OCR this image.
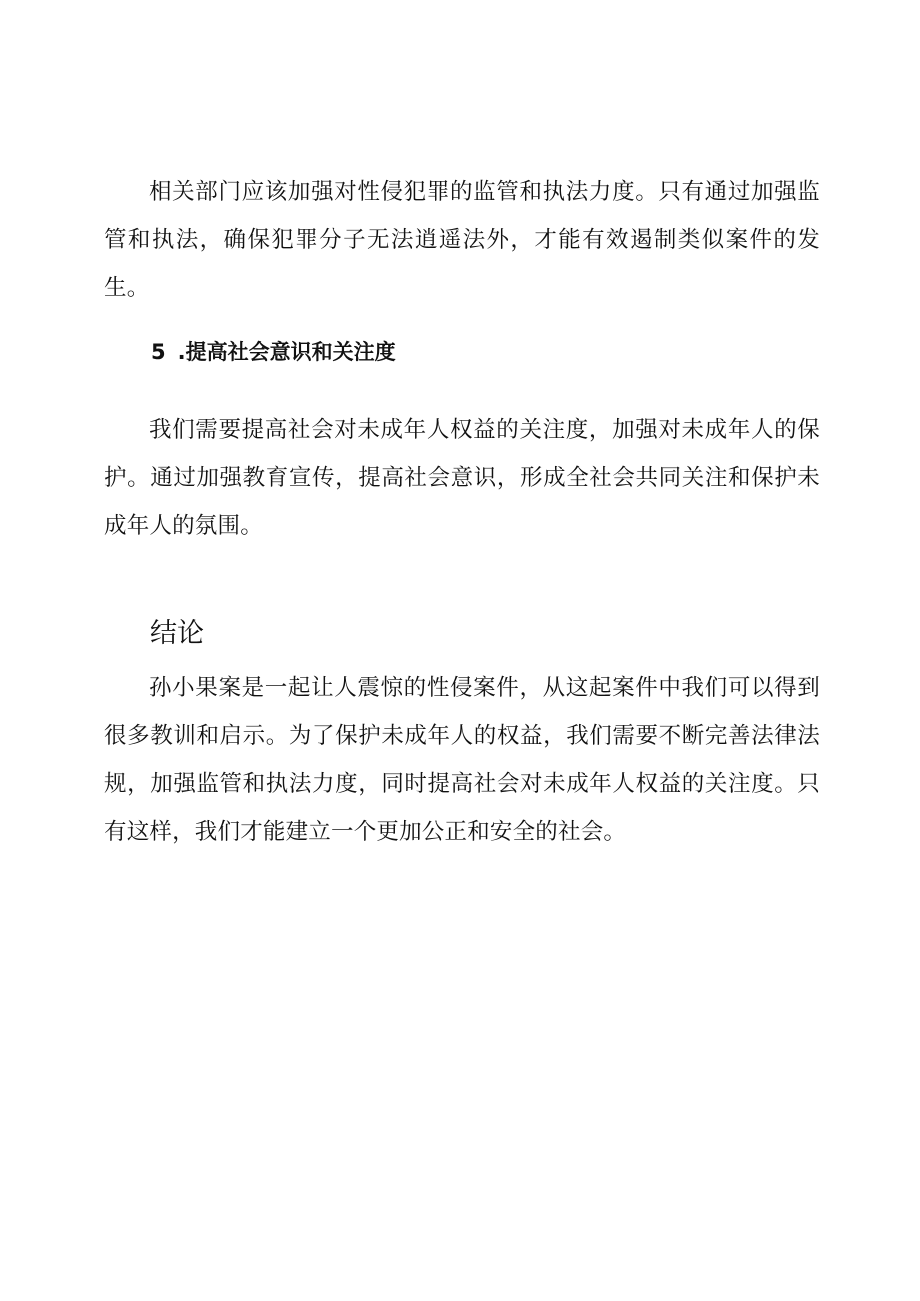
相关部门应该加强对性侵犯罪的监管和执法力度。只有通过加强监管和执法，确保犯罪分子无法逍遥法外，才能有效遏制类似案件的发生。

5 .提高社会意识和关注度

我们需要提高社会对未成年人权益的关注度，加强对未成年人的保护。通过加强教育宣传，提高社会意识，形成全社会共同关注和保护未成年人的氛围。

结论

孙小果案是一起让人震惊的性侵案件，从这起案件中我们可以得到很多教训和启示。为了保护未成年人的权益，我们需要不断完善法律法规，加强监管和执法力度，同时提高社会对未成年人权益的关注度。只有这样，我们才能建立一个更加公正和安全的社会。
